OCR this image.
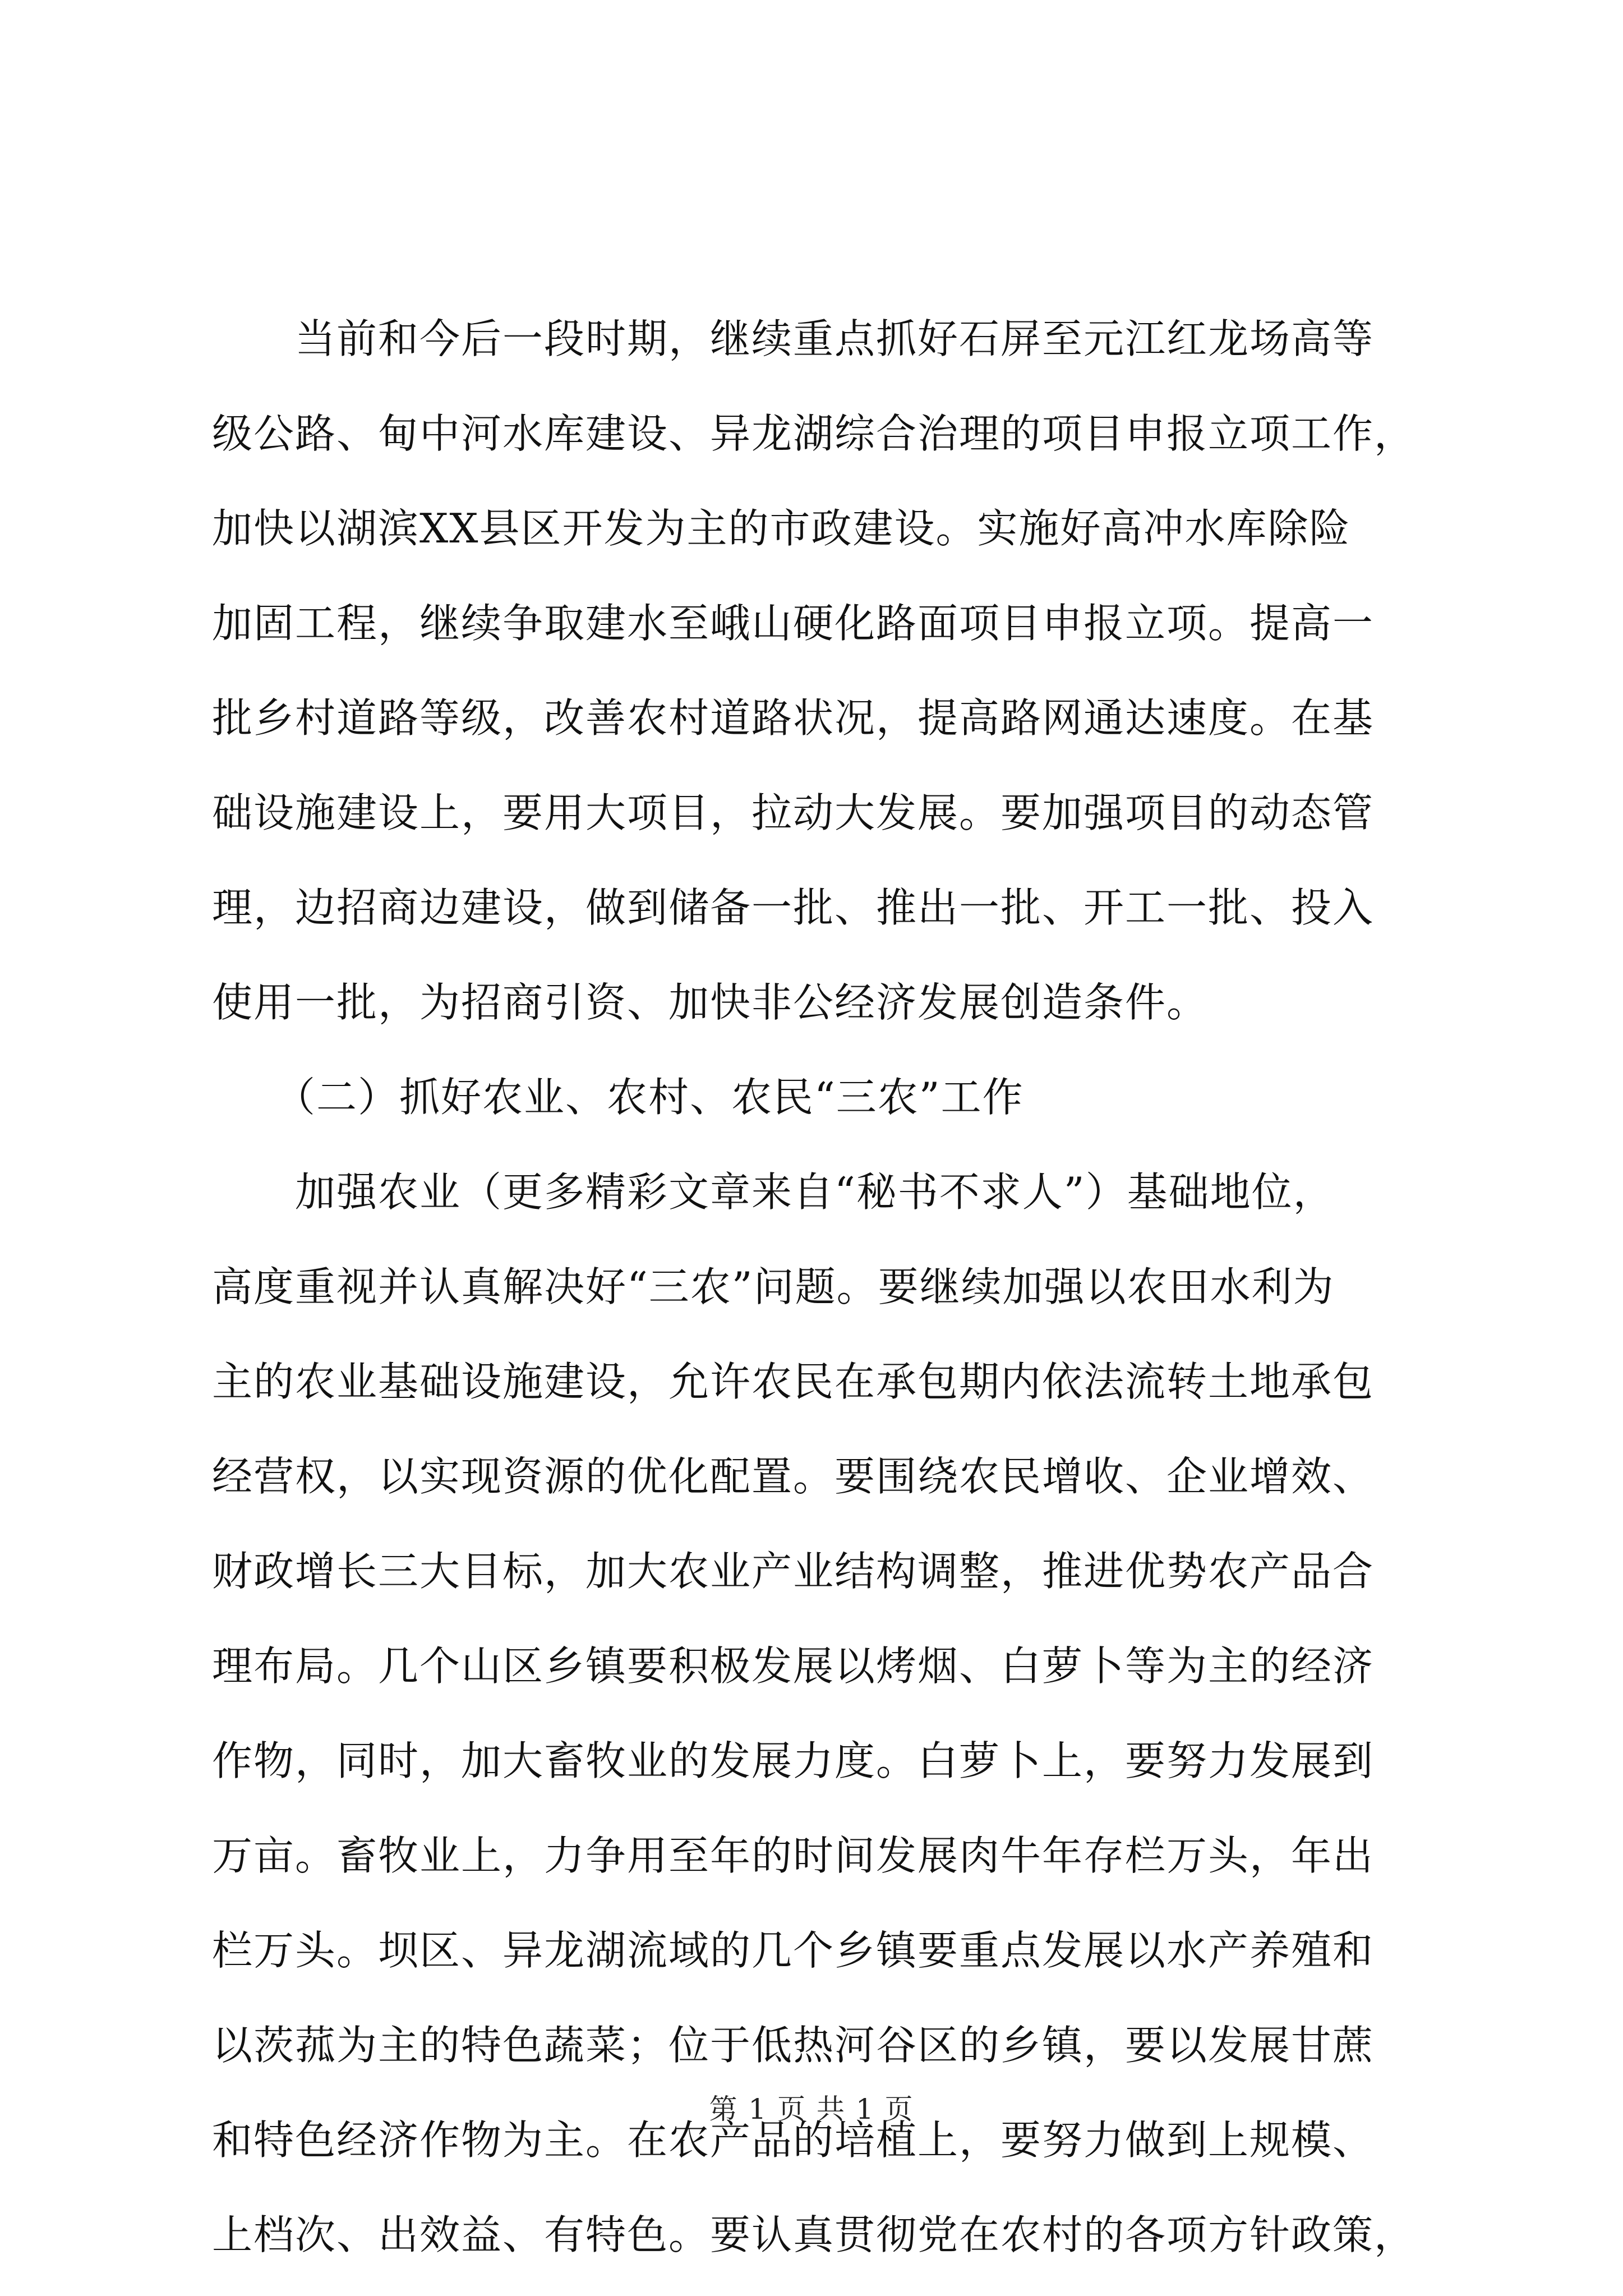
　　当前和今后一段时期，继续重点抓好石屏至元江红龙场高等
级公路、甸中河水库建设、异龙湖综合治理的项目申报立项工作，
加快以湖滨XX县区开发为主的市政建设。实施好高冲水库除险
加固工程，继续争取建水至峨山硬化路面项目申报立项。提高一
批乡村道路等级，改善农村道路状况，提高路网通达速度。在基
础设施建设上，要用大项目，拉动大发展。要加强项目的动态管
理，边招商边建设，做到储备一批、推出一批、开工一批、投入
使用一批，为招商引资、加快非公经济发展创造条件。
　　（二）抓好农业、农村、农民“三农”工作
　　加强农业（更多精彩文章来自“秘书不求人”）基础地位，
高度重视并认真解决好“三农”问题。要继续加强以农田水利为
主的农业基础设施建设，允许农民在承包期内依法流转土地承包
经营权，以实现资源的优化配置。要围绕农民增收、企业增效、
财政增长三大目标，加大农业产业结构调整，推进优势农产品合
理布局。几个山区乡镇要积极发展以烤烟、白萝卜等为主的经济
作物，同时，加大畜牧业的发展力度。白萝卜上，要努力发展到
万亩。畜牧业上，力争用至年的时间发展肉牛年存栏万头，年出
栏万头。坝区、异龙湖流域的几个乡镇要重点发展以水产养殖和
以茨菰为主的特色蔬菜；位于低热河谷区的乡镇，要以发展甘蔗
和特色经济作物为主。在农产品的培植上，要努力做到上规模、
上档次、出效益、有特色。要认真贯彻党在农村的各项方针政策，
第 1 页 共 1 页
